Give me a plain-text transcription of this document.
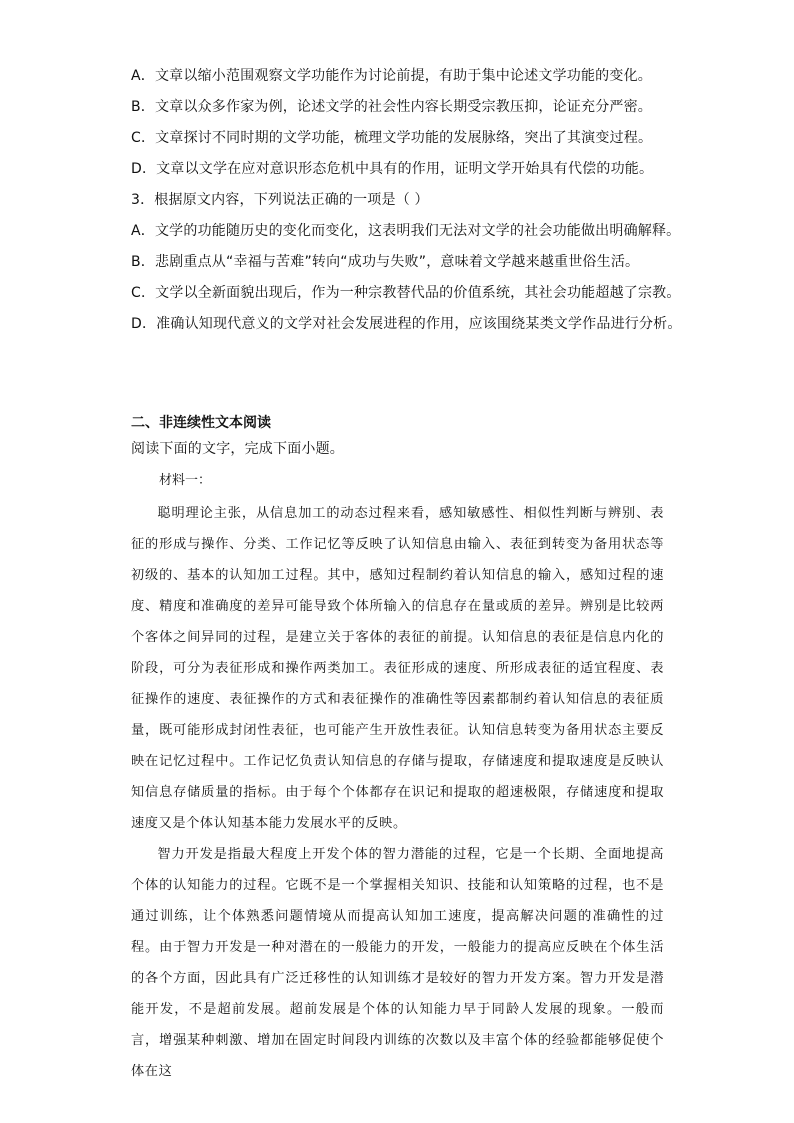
A．文章以缩小范围观察文学功能作为讨论前提，有助于集中论述文学功能的变化。
B．文章以众多作家为例，论述文学的社会性内容长期受宗教压抑，论证充分严密。
C．文章探讨不同时期的文学功能，梳理文学功能的发展脉络，突出了其演变过程。
D．文章以文学在应对意识形态危机中具有的作用，证明文学开始具有代偿的功能。
3．根据原文内容，下列说法正确的一项是（ ）
A．文学的功能随历史的变化而变化，这表明我们无法对文学的社会功能做出明确解释。
B．悲剧重点从“幸福与苦难”转向“成功与失败”，意味着文学越来越重世俗生活。
C．文学以全新面貌出现后，作为一种宗教替代品的价值系统，其社会功能超越了宗教。
D．准确认知现代意义的文学对社会发展进程的作用，应该围绕某类文学作品进行分析。
二、非连续性文本阅读
阅读下面的文字，完成下面小题。
材料一：

聪明理论主张，从信息加工的动态过程来看，感知敏感性、相似性判断与辨别、表征的形成与操作、分类、工作记忆等反映了认知信息由输入、表征到转变为备用状态等初级的、基本的认知加工过程。其中，感知过程制约着认知信息的输入，感知过程的速度、精度和准确度的差异可能导致个体所输入的信息存在量或质的差异。辨别是比较两个客体之间异同的过程，是建立关于客体的表征的前提。认知信息的表征是信息内化的阶段，可分为表征形成和操作两类加工。表征形成的速度、所形成表征的适宜程度、表征操作的速度、表征操作的方式和表征操作的准确性等因素都制约着认知信息的表征质量，既可能形成封闭性表征，也可能产生开放性表征。认知信息转变为备用状态主要反映在记忆过程中。工作记忆负责认知信息的存储与提取，存储速度和提取速度是反映认知信息存储质量的指标。由于每个个体都存在识记和提取的超速极限，存储速度和提取速度又是个体认知基本能力发展水平的反映。

智力开发是指最大程度上开发个体的智力潜能的过程，它是一个长期、全面地提高个体的认知能力的过程。它既不是一个掌握相关知识、技能和认知策略的过程，也不是通过训练，让个体熟悉问题情境从而提高认知加工速度，提高解决问题的准确性的过程。由于智力开发是一种对潜在的一般能力的开发，一般能力的提高应反映在个体生活的各个方面，因此具有广泛迁移性的认知训练才是较好的智力开发方案。智力开发是潜能开发，不是超前发展。超前发展是个体的认知能力早于同龄人发展的现象。一般而言，增强某种刺激、增加在固定时间段内训练的次数以及丰富个体的经验都能够促使个体在这
